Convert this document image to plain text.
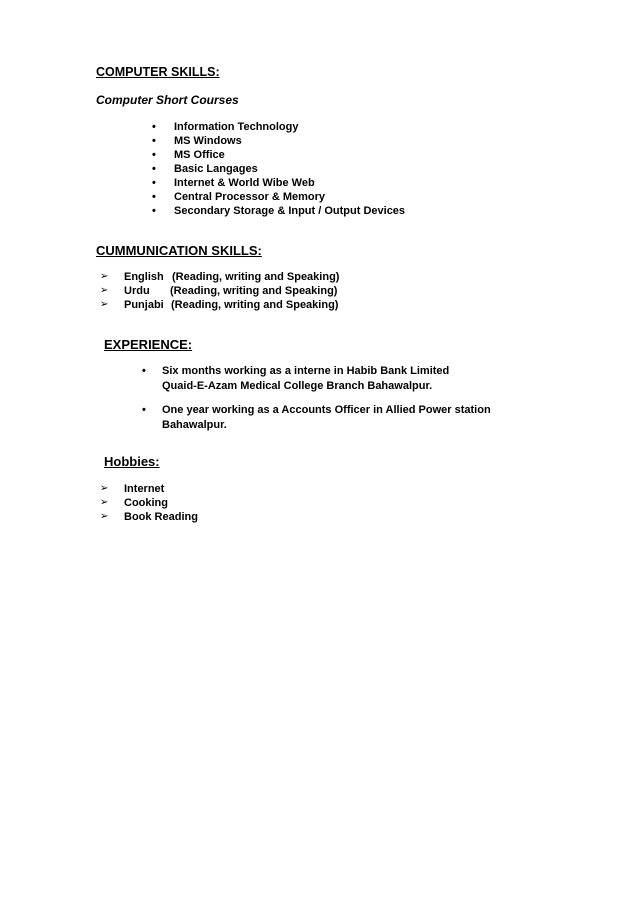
COMPUTER SKILLS:
Computer Short Courses
• Information Technology
• MS Windows
• MS Office
• Basic Langages
• Internet & World Wibe Web
• Central Processor & Memory
• Secondary Storage & Input / Output Devices
CUMMUNICATION SKILLS:
➢ English (Reading, writing and Speaking)
➢ Urdu (Reading, writing and Speaking)
➢ Punjabi (Reading, writing and Speaking)
EXPERIENCE:
• Six months working as a interne in Habib Bank Limited
Quaid-E-Azam Medical College Branch Bahawalpur.
• One year working as a Accounts Officer in Allied Power station
Bahawalpur.
Hobbies:
➢ Internet
➢ Cooking
➢ Book Reading
